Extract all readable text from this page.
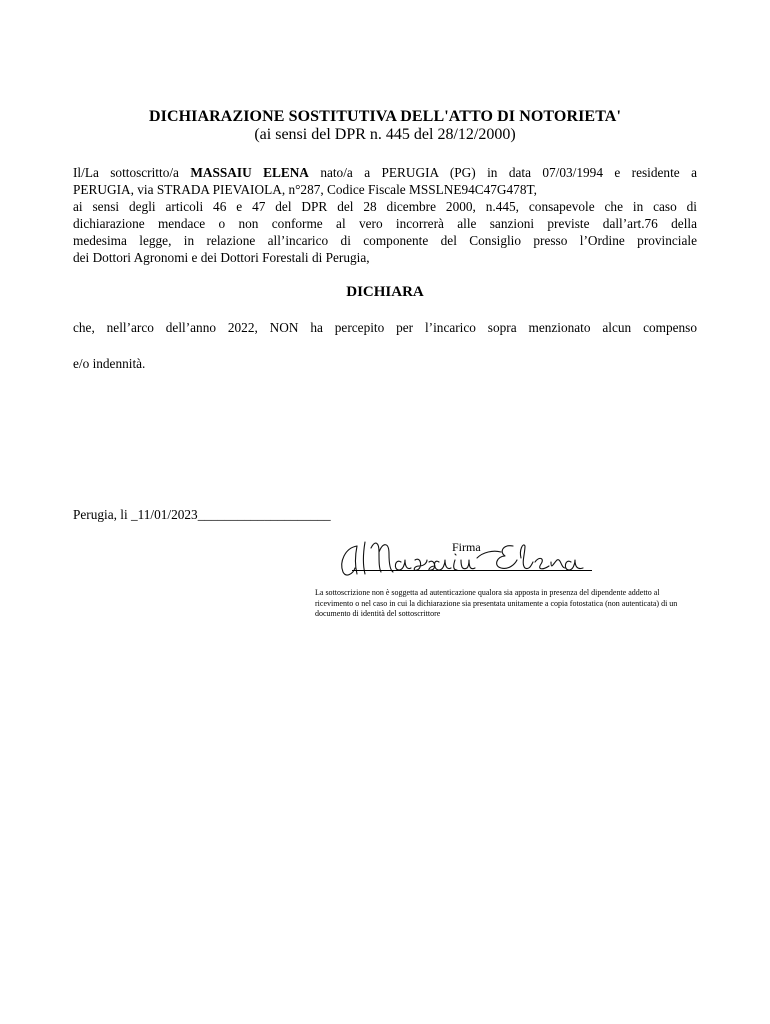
DICHIARAZIONE SOSTITUTIVA DELL'ATTO DI NOTORIETA'
(ai sensi del DPR n. 445 del 28/12/2000)
Il/La sottoscritto/a MASSAIU ELENA nato/a a PERUGIA (PG) in data 07/03/1994 e residente a
PERUGIA, via STRADA PIEVAIOLA, n°287, Codice Fiscale MSSLNE94C47G478T,
ai sensi degli articoli 46 e 47 del DPR del 28 dicembre 2000, n.445, consapevole che in caso di
dichiarazione mendace o non conforme al vero incorrerà alle sanzioni previste dall’art.76 della
medesima legge, in relazione all’incarico di componente del Consiglio presso l’Ordine provinciale
dei Dottori Agronomi e dei Dottori Forestali di Perugia,
DICHIARA
che, nell’arco dell’anno 2022, NON ha percepito per l’incarico sopra menzionato alcun compenso
e/o indennità.
Perugia, li _11/01/2023____________________
Firma
La sottoscrizione non è soggetta ad autenticazione qualora sia apposta in presenza del dipendente addetto al ricevimento o nel caso in cui la dichiarazione sia presentata unitamente a copia fotostatica (non autenticata) di un documento di identità del sottoscrittore
